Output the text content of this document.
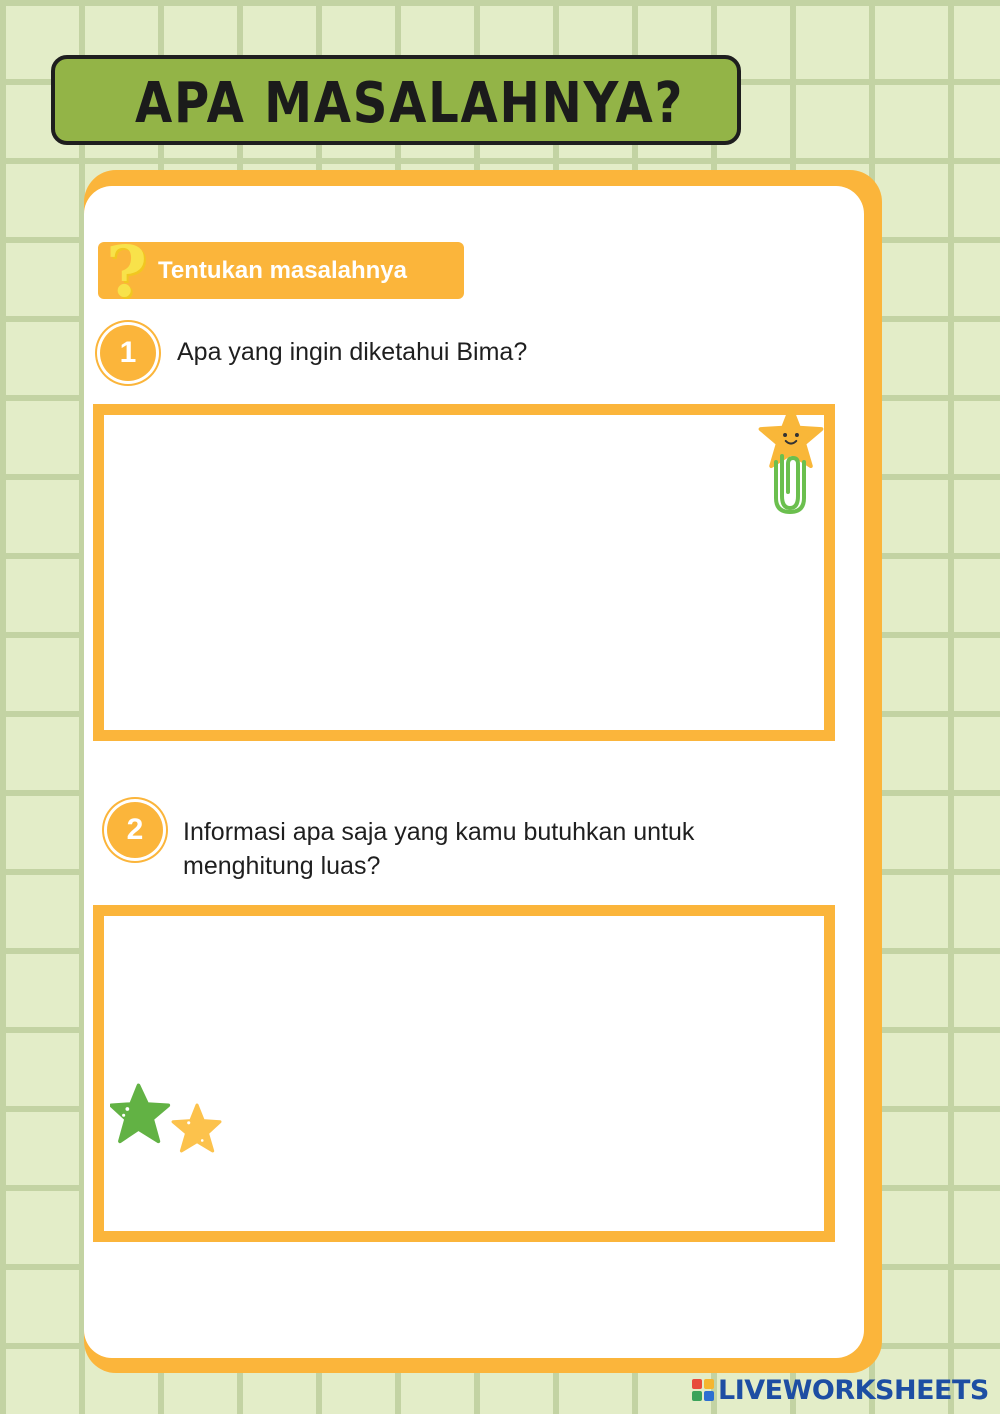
APA MASALAHNYA?
Tentukan masalahnya
?
1	Apa yang ingin diketahui Bima?
2	Informasi apa saja yang kamu butuhkan untuk
menghitung luas?
LIVEWORKSHEETS
